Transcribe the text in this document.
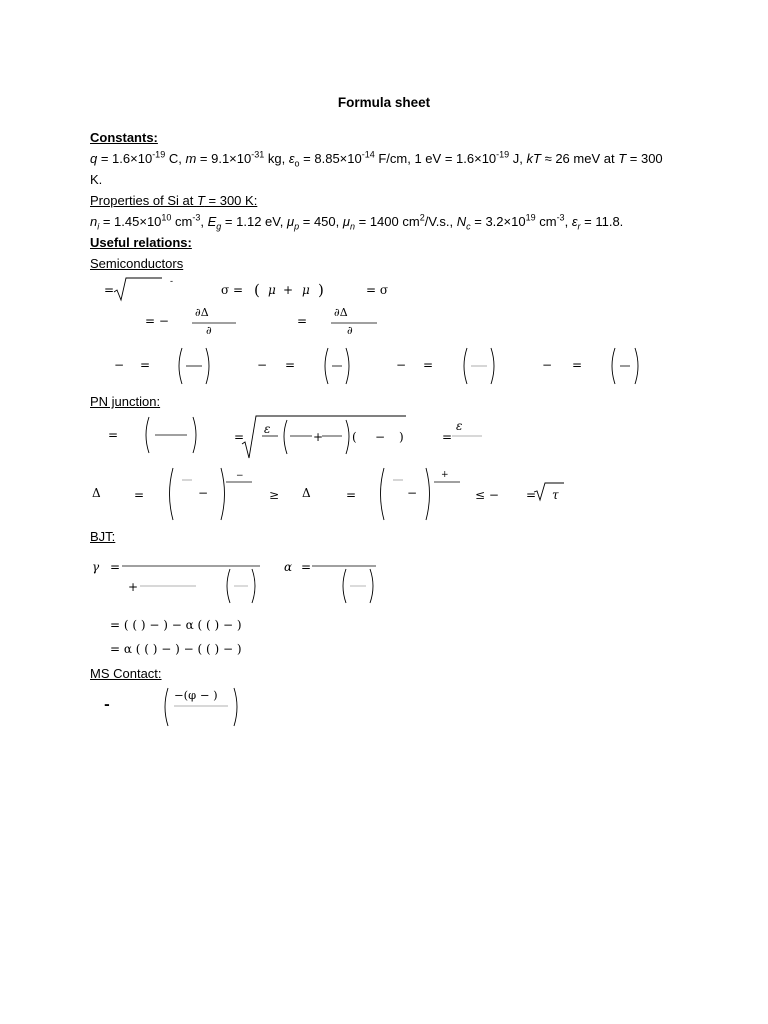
Formula sheet
Constants:
$q = 1.6\times 10^{-19}$ C, $m = 9.1\times 10^{-31}$ kg, $\varepsilon_o = 8.85\times 10^{-14}$ F/cm, 1 eV = $1.6\times 10^{-19}$ J, kT ≈ 26 meV at T = 300
K.
Properties of Si at T = 300 K:
$n_i = 1.45\times 10^{10}$ $cm^{-3}$, $E_g = 1.12$ eV, $\mu_p = 450$, $\mu_n = 1400$ $cm^2/V.s$., $N_c = 3.2\times 10^{19}$ $cm^{-3}$, $\varepsilon_r = 11.8$.
Useful relations:
Semiconductors
=
-
σ = ( μ + μ )	= σ
= −
∂Δ
∂
=
∂Δ
∂
− =	− =	− =	− =
PN junction:
=	=
ε
+ ( − )	=
ε
Δ	=	−
−
≥ Δ	=	−
+
≤ − = τ
BJT:
γ =
+
α =
= ( ( ) − ) − α ( ( ) − )
= α ( ( ) − ) − ( ( ) − )
MS Contact:
-
−(φ − )
